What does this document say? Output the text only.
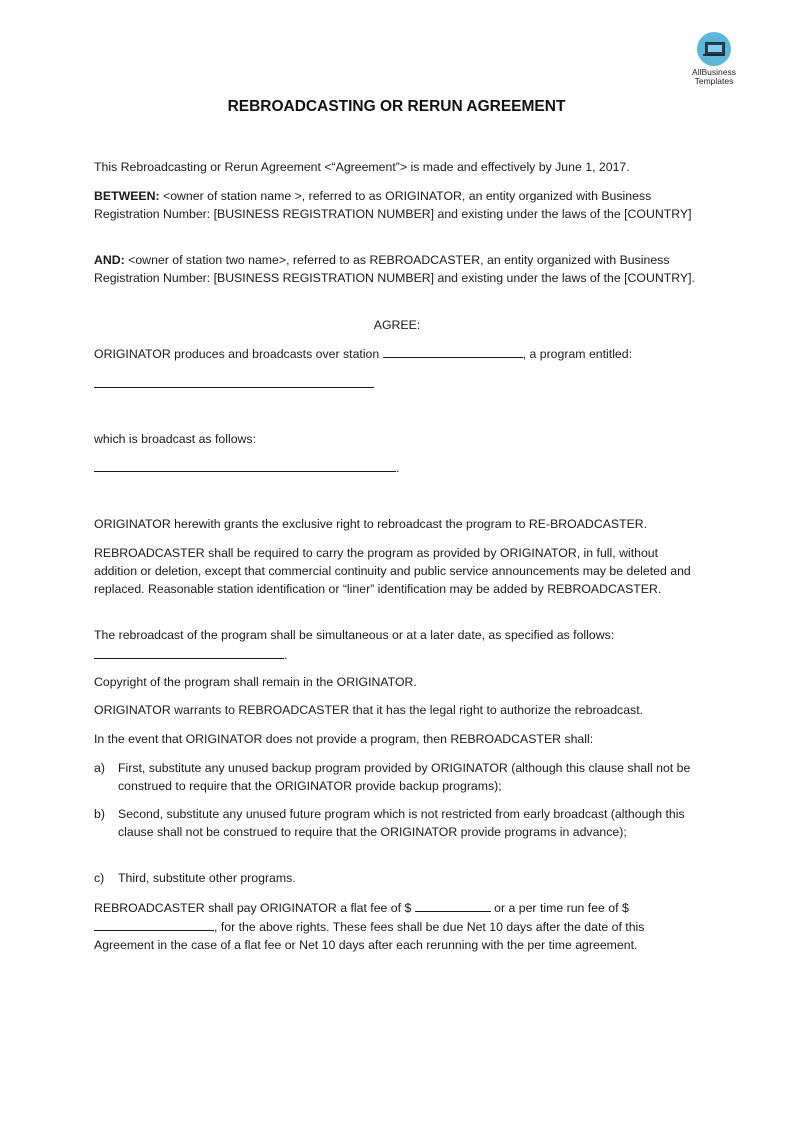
AllBusiness
Templates
REBROADCASTING OR RERUN AGREEMENT
This Rebroadcasting or Rerun Agreement <“Agreement”> is made and effectively by June 1, 2017.
BETWEEN: <owner of station name >, referred to as ORIGINATOR, an entity organized with Business Registration Number: [BUSINESS REGISTRATION NUMBER] and existing under the laws of the [COUNTRY]
AND: <owner of station two name>, referred to as REBROADCASTER, an entity organized with Business Registration Number: [BUSINESS REGISTRATION NUMBER] and existing under the laws of the [COUNTRY].
AGREE:
ORIGINATOR produces and broadcasts over station	, a program entitled:
which is broadcast as follows:
.
ORIGINATOR herewith grants the exclusive right to rebroadcast the program to RE-BROADCASTER.
REBROADCASTER shall be required to carry the program as provided by ORIGINATOR, in full, without addition or deletion, except that commercial continuity and public service announcements may be deleted and replaced. Reasonable station identification or “liner” identification may be added by REBROADCASTER.
The rebroadcast of the program shall be simultaneous or at a later date, as specified as follows:
.
Copyright of the program shall remain in the ORIGINATOR.
ORIGINATOR warrants to REBROADCASTER that it has the legal right to authorize the rebroadcast.
In the event that ORIGINATOR does not provide a program, then REBROADCASTER shall:
a)	First, substitute any unused backup program provided by ORIGINATOR (although this clause shall not be construed to require that the ORIGINATOR provide backup programs);
b)	Second, substitute any unused future program which is not restricted from early broadcast (although this clause shall not be construed to require that the ORIGINATOR provide programs in advance);
c)	Third, substitute other programs.
REBROADCASTER shall pay ORIGINATOR a flat fee of $	or a per time run fee of $ , for the above rights. These fees shall be due Net 10 days after the date of this Agreement in the case of a flat fee or Net 10 days after each rerunning with the per time agreement.
